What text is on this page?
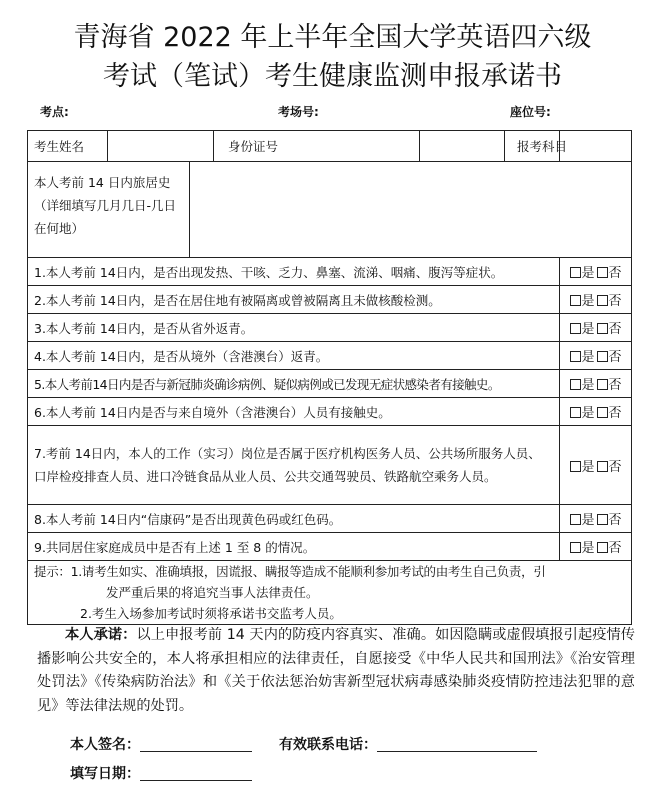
青海省 2022 年上半年全国大学英语四六级
考试（笔试）考生健康监测申报承诺书
考点:	考场号:	座位号:
考生姓名			身份证号		报考科目	
本人考前 14 日内旅居史（详细填写几月几日-几日在何地）						
1.本人考前 14日内，是否出现发热、干咳、乏力、鼻塞、流涕、咽痛、腹泻等症状。						是 否
2.本人考前 14日内，是否在居住地有被隔离或曾被隔离且未做核酸检测。						是 否
3.本人考前 14日内，是否从省外返青。						是 否
4.本人考前 14日内，是否从境外（含港澳台）返青。						是 否
5.本人考前14日内是否与新冠肺炎确诊病例、疑似病例或已发现无症状感染者有接触史。						是 否
6.本人考前 14日内是否与来自境外（含港澳台）人员有接触史。						是 否
7.考前 14日内，本人的工作（实习）岗位是否属于医疗机构医务人员、公共场所服务人员、口岸检疫排查人员、进口冷链食品从业人员、公共交通驾驶员、铁路航空乘务人员。						是 否
8.本人考前 14日内“信康码”是否出现黄色码或红色码。						是 否
9.共同居住家庭成员中是否有上述 1 至 8 的情况。						是 否

提示：1.请考生如实、准确填报，因谎报、瞒报等造成不能顺利参加考试的由考生自己负责，引
发严重后果的将追究当事人法律责任。
2.考生入场参加考试时须将承诺书交监考人员。						
本人承诺：以上申报考前 14 天内的防疫内容真实、准确。如因隐瞒或虚假填报引起疫情传播影响公共安全的，本人将承担相应的法律责任，自愿接受《中华人民共和国刑法》《治安管理处罚法》《传染病防治法》和《关于依法惩治妨害新型冠状病毒感染肺炎疫情防控违法犯罪的意见》等法律法规的处罚。
本人签名：	有效联系电话：
填写日期：
